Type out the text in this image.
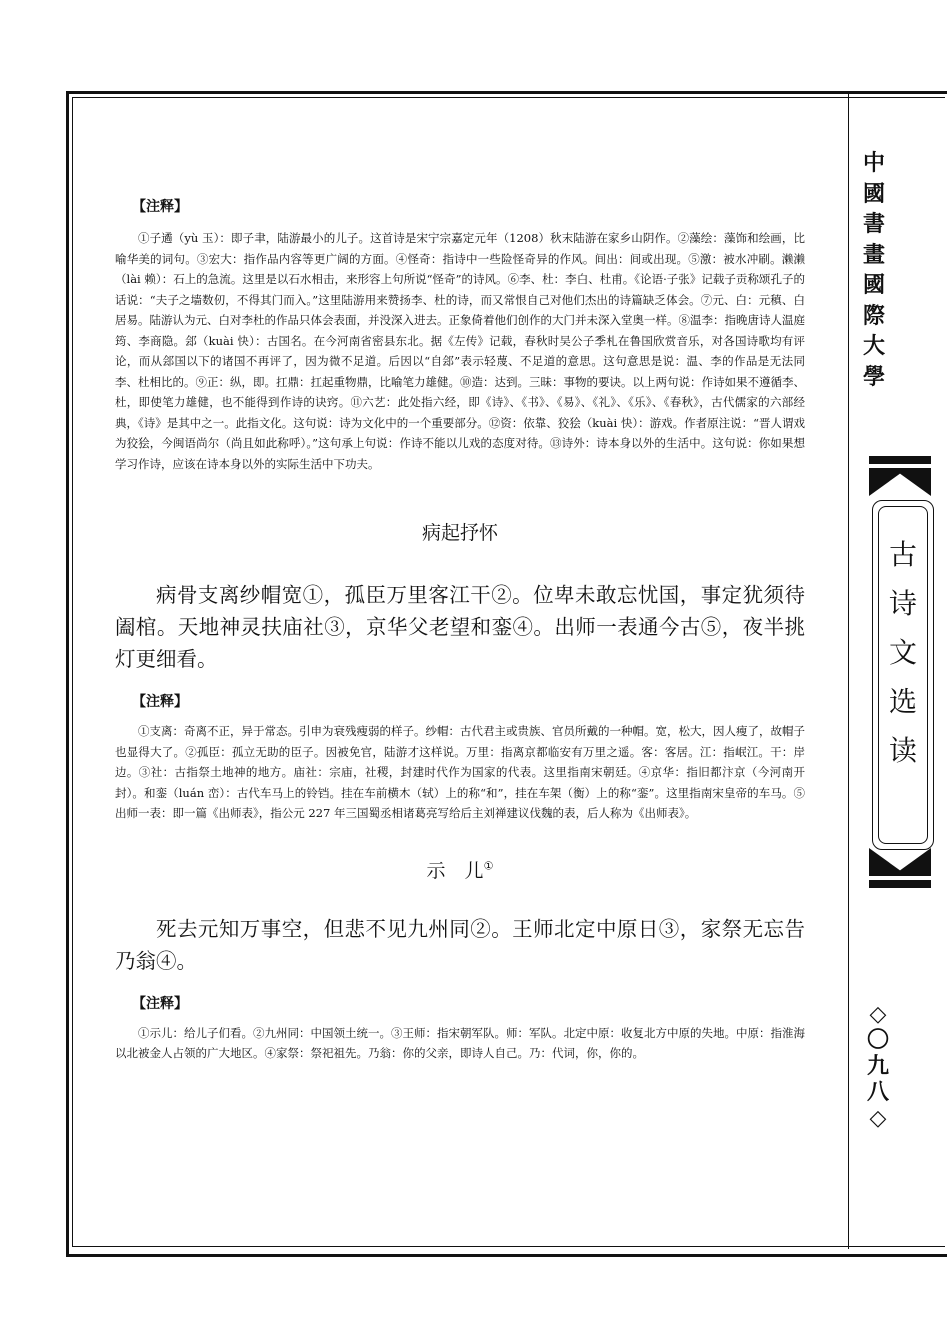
中
國
書
畫
國
際
大
學
古
诗
文
选
读
◇
〇
九
八
◇

【注释】

①子遹（yù 玉）：即子聿，陆游最小的儿子。这首诗是宋宁宗嘉定元年（1208）秋末陆游在家乡山阴作。②藻绘：藻饰和绘画，比喻华美的词句。③宏大：指作品内容等更广阔的方面。④怪奇：指诗中一些险怪奇异的作风。间出：间或出现。⑤激：被水冲刷。濑濑（lài 赖）：石上的急流。这里是以石水相击，来形容上句所说“怪奇”的诗风。⑥李、杜：李白、杜甫。《论语·子张》记载子贡称颂孔子的话说：“夫子之墙数仞，不得其门而入。”这里陆游用来赞扬李、杜的诗，而又常恨自己对他们杰出的诗篇缺乏体会。⑦元、白：元稹、白居易。陆游认为元、白对李杜的作品只体会表面，并没深入进去。正象倚着他们创作的大门并未深入堂奥一样。⑧温李：指晚唐诗人温庭筠、李商隐。郐（kuài 快）：古国名。在今河南省密县东北。据《左传》记载，春秋时吴公子季札在鲁国欣赏音乐，对各国诗歌均有评论，而从郐国以下的诸国不再评了，因为微不足道。后因以“自郐”表示轻蔑、不足道的意思。这句意思是说：温、李的作品是无法同李、杜相比的。⑨正：纵，即。扛鼎：扛起重物鼎，比喻笔力雄健。⑩造：达到。三昧：事物的要诀。以上两句说：作诗如果不遵循李、杜，即使笔力雄健，也不能得到作诗的诀窍。⑪六艺：此处指六经，即《诗》、《书》、《易》、《礼》、《乐》、《春秋》，古代儒家的六部经典，《诗》是其中之一。此指文化。这句说：诗为文化中的一个重要部分。⑫资：依靠、狡狯（kuài 快）：游戏。作者原注说：“晋人谓戏为狡狯，今闽语尚尔（尚且如此称呼）。”这句承上句说：作诗不能以儿戏的态度对待。⑬诗外：诗本身以外的生活中。这句说：你如果想学习作诗，应该在诗本身以外的实际生活中下功夫。

病起抒怀

病骨支离纱帽宽①，孤臣万里客江干②。位卑未敢忘忧国，事定犹须待阖棺。天地神灵扶庙社③，京华父老望和銮④。出师一表通今古⑤，夜半挑灯更细看。

【注释】

①支离：奇离不正，异于常态。引申为衰残瘦弱的样子。纱帽：古代君主或贵族、官员所戴的一种帽。宽，松大，因人瘦了，故帽子也显得大了。②孤臣：孤立无助的臣子。因被免官，陆游才这样说。万里：指离京都临安有万里之遥。客：客居。江：指岷江。干：岸边。③社：古指祭土地神的地方。庙社：宗庙，社稷，封建时代作为国家的代表。这里指南宋朝廷。④京华：指旧都汴京（今河南开封）。和銮（luán 峦）：古代车马上的铃铛。挂在车前横木（轼）上的称“和”，挂在车架（衡）上的称“銮”。这里指南宋皇帝的车马。⑤出师一表：即一篇《出师表》，指公元 227 年三国蜀丞相诸葛亮写给后主刘禅建议伐魏的表，后人称为《出师表》。

示　儿①

死去元知万事空，但悲不见九州同②。王师北定中原日③，家祭无忘告乃翁④。

【注释】

①示儿：给儿子们看。②九州同：中国领土统一。③王师：指宋朝军队。师：军队。北定中原：收复北方中原的失地。中原：指淮海以北被金人占领的广大地区。④家祭：祭祀祖先。乃翁：你的父亲，即诗人自己。乃：代词，你，你的。
